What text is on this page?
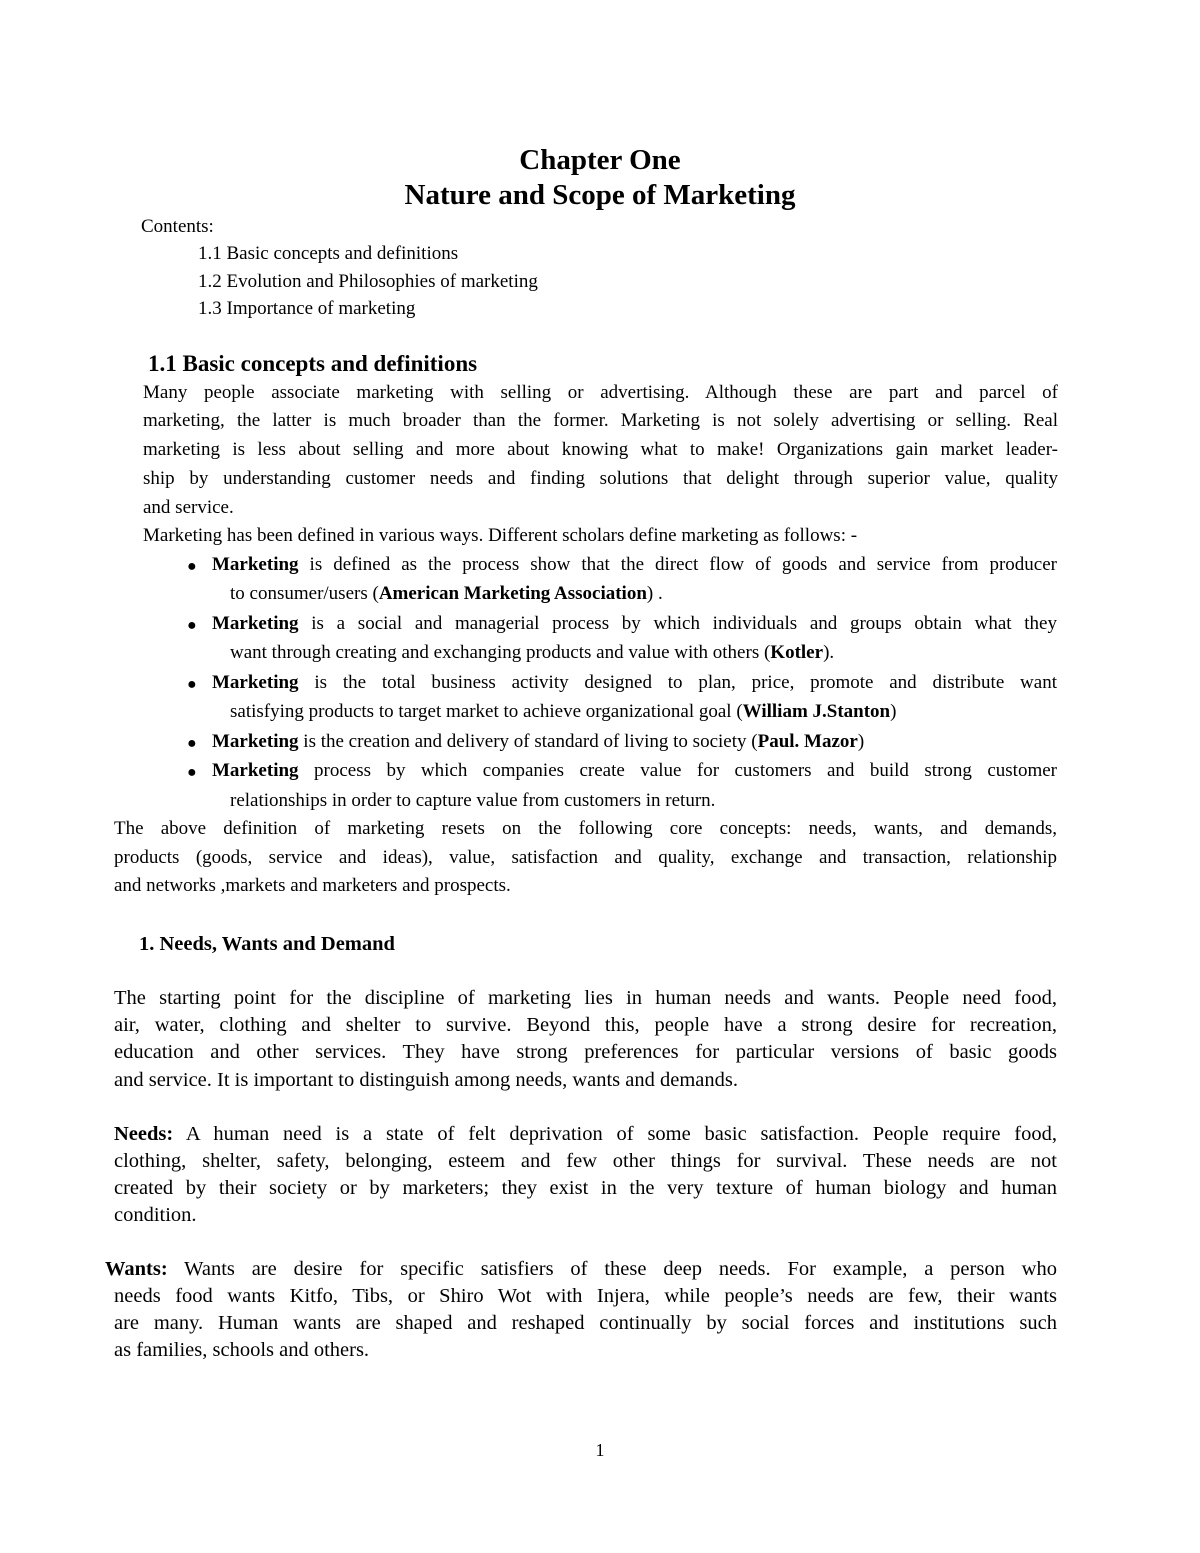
Chapter One
Nature and Scope of Marketing
Contents:
1.1 Basic concepts and definitions
1.2 Evolution and Philosophies of marketing
1.3 Importance of marketing
1.1 Basic concepts and definitions
Many people associate marketing with selling or advertising. Although these are part and parcel of
marketing, the latter is much broader than the former. Marketing is not solely advertising or selling. Real
marketing is less about selling and more about knowing what to make! Organizations gain market leader-
ship by understanding customer needs and finding solutions that delight through superior value, quality
and service.
Marketing has been defined in various ways. Different scholars define marketing as follows: -
● Marketing is defined as the process show that the direct flow of goods and service from producer
to consumer/users (American Marketing Association) .
● Marketing is a social and managerial process by which individuals and groups obtain what they
want through creating and exchanging products and value with others (Kotler).
● Marketing is the total business activity designed to plan, price, promote and distribute want
satisfying products to target market to achieve organizational goal (William J.Stanton)
● Marketing is the creation and delivery of standard of living to society (Paul. Mazor)
● Marketing process by which companies create value for customers and build strong customer
relationships in order to capture value from customers in return.
The above definition of marketing resets on the following core concepts: needs, wants, and demands,
products (goods, service and ideas), value, satisfaction and quality, exchange and transaction, relationship
and networks ,markets and marketers and prospects.
1. Needs, Wants and Demand
The starting point for the discipline of marketing lies in human needs and wants. People need food,
air, water, clothing and shelter to survive. Beyond this, people have a strong desire for recreation,
education and other services. They have strong preferences for particular versions of basic goods
and service. It is important to distinguish among needs, wants and demands.
Needs: A human need is a state of felt deprivation of some basic satisfaction. People require food,
clothing, shelter, safety, belonging, esteem and few other things for survival. These needs are not
created by their society or by marketers; they exist in the very texture of human biology and human
condition.
Wants: Wants are desire for specific satisfiers of these deep needs. For example, a person who
needs food wants Kitfo, Tibs, or Shiro Wot with Injera, while people’s needs are few, their wants
are many. Human wants are shaped and reshaped continually by social forces and institutions such
as families, schools and others.
1
